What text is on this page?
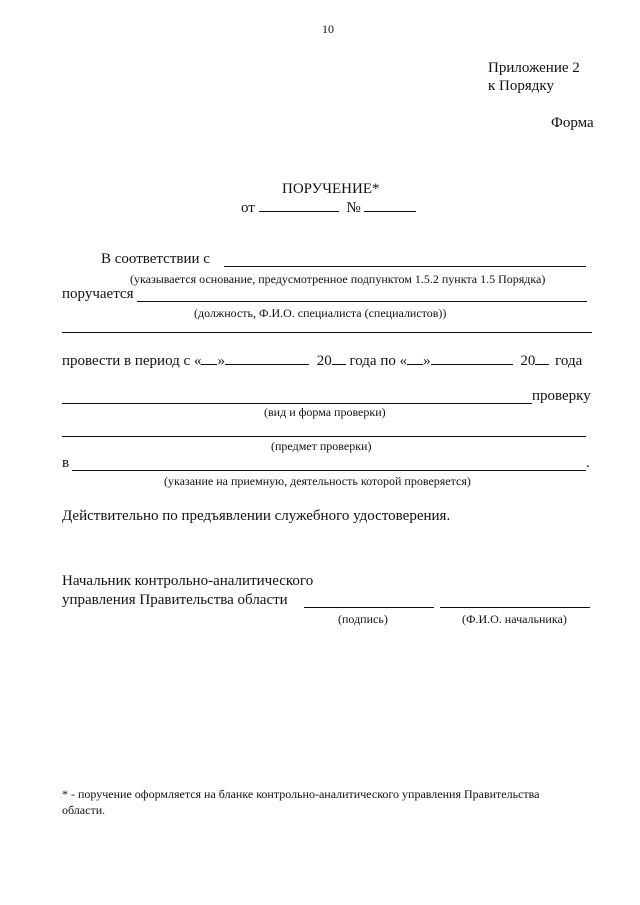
10
Приложение 2
к Порядку
Форма
ПОРУЧЕНИЕ*
от	№
В соответствии с
(указывается основание, предусмотренное подпунктом 1.5.2 пункта 1.5 Порядка)
поручается
(должность, Ф.И.О. специалиста (специалистов))
провести в период с « »	20 года по « »	20 года
проверку
(вид и форма проверки)
(предмет проверки)
в	.
(указание на приемную, деятельность которой проверяется)
Действительно по предъявлении служебного удостоверения.
Начальник контрольно-аналитического
управления Правительства области
(подпись)	(Ф.И.О. начальника)
* - поручение оформляется на бланке контрольно-аналитического управления Правительства
области.
